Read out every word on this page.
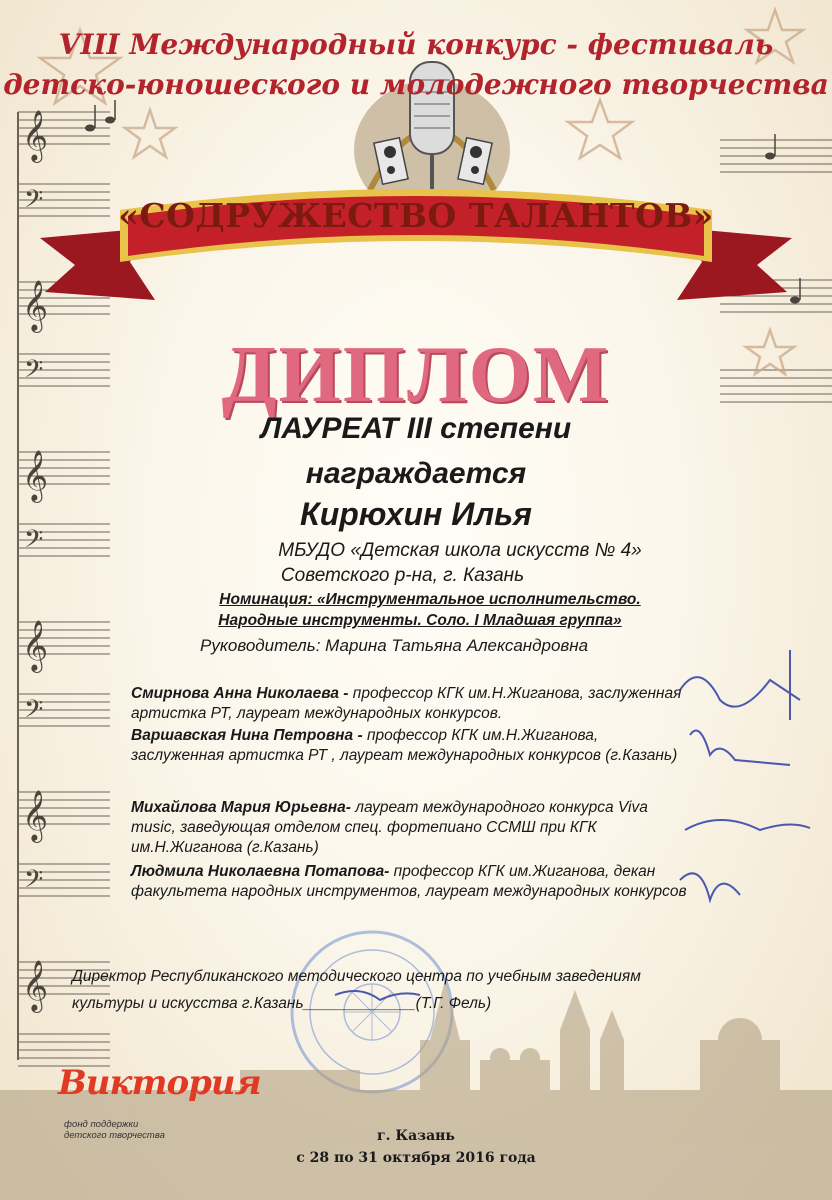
𝄞
𝄞
𝄞
𝄞
𝄞
𝄞
𝄢
𝄢
𝄢
𝄢
𝄢
VIII Международный конкурс - фестиваль
детско-юношеского и молодежного творчества
«СОДРУЖЕСТВО ТАЛАНТОВ»
ДИПЛОМ
ЛАУРЕАТ III степени
награждается
Кирюхин Илья
МБУДО «Детская школа искусств № 4»
Советского р-на, г. Казань
Номинация: «Инструментальное исполнительство.
Народные инструменты. Соло. I Младшая группа»
Руководитель: Марина Татьяна Александровна
Смирнова Анна Николаева - профессор КГК им.Н.Жиганова, заслуженная артистка РТ, лауреат международных конкурсов.
Варшавская Нина Петровна - профессор КГК им.Н.Жиганова, заслуженная артистка РТ , лауреат международных конкурсов (г.Казань)
Михайлова Мария Юрьевна- лауреат международного конкурса Viva music, заведующая отделом спец. фортепиано ССМШ при КГК им.Н.Жиганова (г.Казань)
Людмила Николаевна Потапова- профессор КГК им.Жиганова, декан факультета народных инструментов, лауреат международных конкурсов
Директор Республиканского методического центра по учебным заведениям
культуры и искусства г.Казань_____________(Т.Г. Фель)
Виктория
фонд поддержки
детского творчества	г. Казань
с 28 по 31 октября 2016 года
